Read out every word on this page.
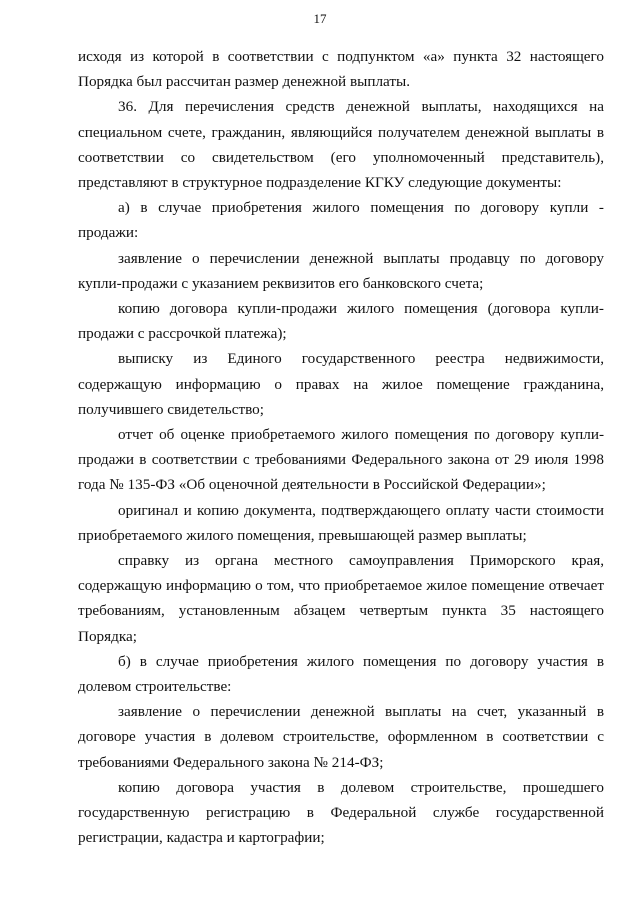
17

исходя из которой в соответствии с подпунктом «а» пункта 32 настоящего Порядка был рассчитан размер денежной выплаты.

36. Для перечисления средств денежной выплаты, находящихся на специальном счете, гражданин, являющийся получателем денежной выплаты в соответствии со свидетельством (его уполномоченный представитель), представляют в структурное подразделение КГКУ следующие документы:

а) в случае приобретения жилого помещения по договору купли - продажи:

заявление о перечислении денежной выплаты продавцу по договору купли-продажи с указанием реквизитов его банковского счета;

копию договора купли-продажи жилого помещения (договора купли-продажи с рассрочкой платежа);

выписку из Единого государственного реестра недвижимости, содержащую информацию о правах на жилое помещение гражданина, получившего свидетельство;

отчет об оценке приобретаемого жилого помещения по договору купли-продажи в соответствии с требованиями Федерального закона от 29 июля 1998 года № 135-ФЗ «Об оценочной деятельности в Российской Федерации»;

оригинал и копию документа, подтверждающего оплату части стоимости приобретаемого жилого помещения, превышающей размер выплаты;

справку из органа местного самоуправления Приморского края, содержащую информацию о том, что приобретаемое жилое помещение отвечает требованиям, установленным абзацем четвертым пункта 35 настоящего Порядка;

б) в случае приобретения жилого помещения по договору участия в долевом строительстве:

заявление о перечислении денежной выплаты на счет, указанный в договоре участия в долевом строительстве, оформленном в соответствии с требованиями Федерального закона № 214-ФЗ;

копию договора участия в долевом строительстве, прошедшего государственную регистрацию в Федеральной службе государственной регистрации, кадастра и картографии;
